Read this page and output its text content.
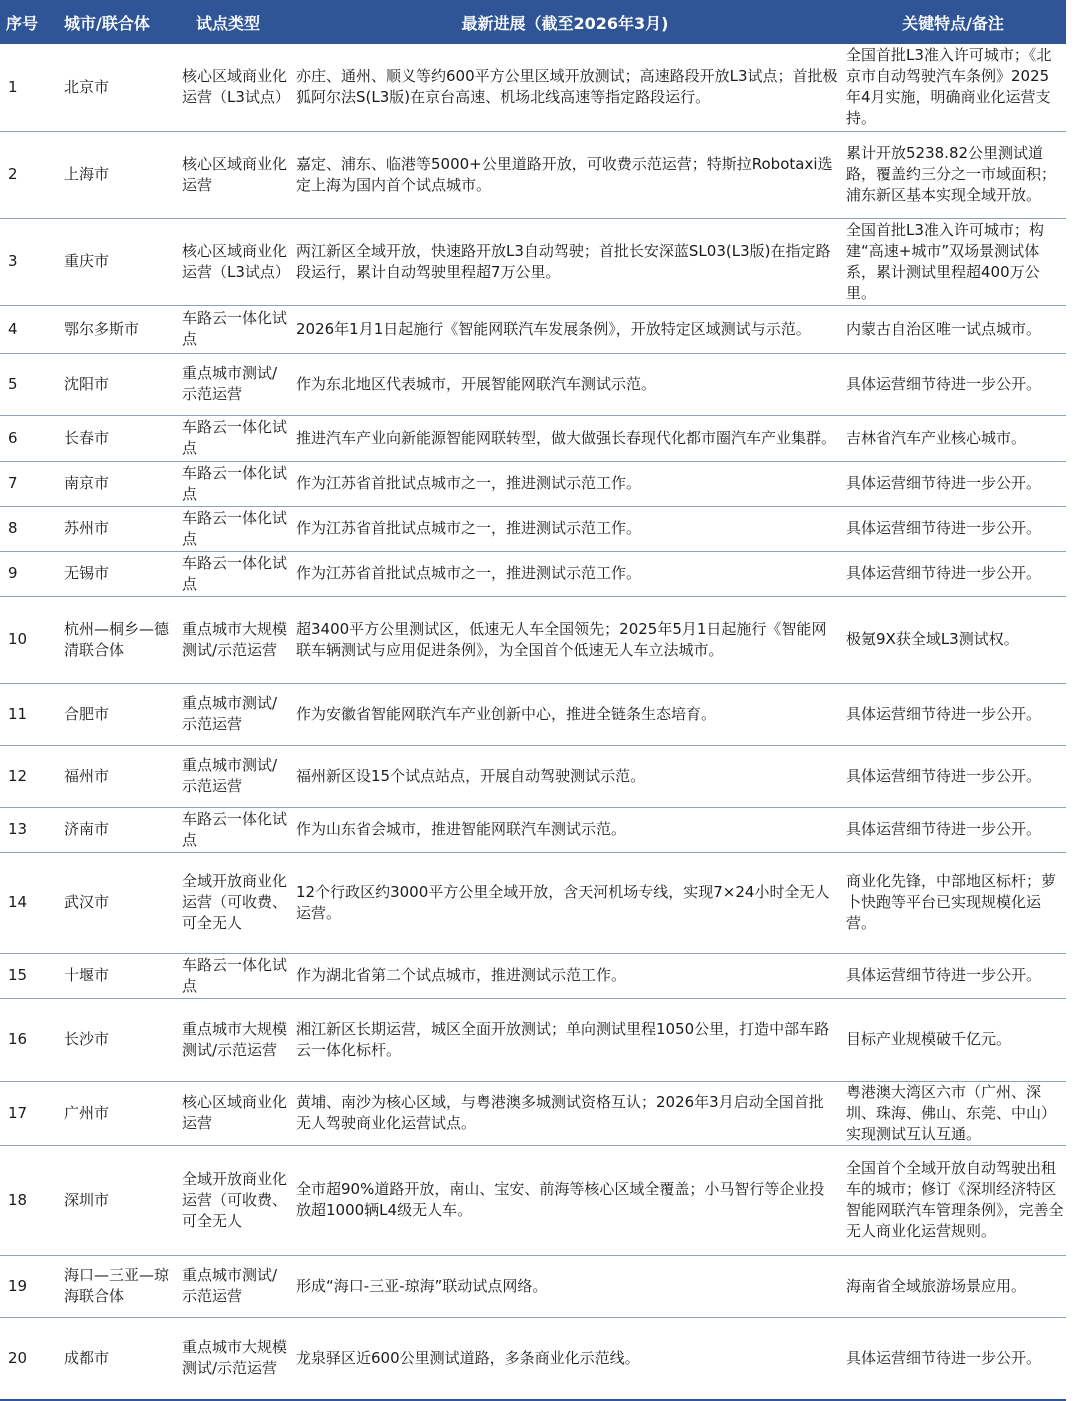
序号	城市/联合体	试点类型	最新进展（截至2026年3月)	关键特点/备注
1	北京市	核心区域商业化运营（L3试点）	亦庄、通州、顺义等约600平方公里区域开放测试；高速路段开放L3试点；首批极狐阿尔法S(L3版)在京台高速、机场北线高速等指定路段运行。	全国首批L3准入许可城市；《北京市自动驾驶汽车条例》2025年4月实施，明确商业化运营支持。
2	上海市	核心区域商业化运营	嘉定、浦东、临港等5000+公里道路开放，可收费示范运营；特斯拉Robotaxi选定上海为国内首个试点城市。	累计开放5238.82公里测试道路，覆盖约三分之一市域面积；浦东新区基本实现全域开放。
3	重庆市	核心区域商业化运营（L3试点）	两江新区全域开放，快速路开放L3自动驾驶；首批长安深蓝SL03(L3版)在指定路段运行，累计自动驾驶里程超7万公里。	全国首批L3准入许可城市；构建“高速+城市”双场景测试体系，累计测试里程超400万公里。
4	鄂尔多斯市	车路云一体化试点	2026年1月1日起施行《智能网联汽车发展条例》，开放特定区域测试与示范。	内蒙古自治区唯一试点城市。
5	沈阳市	重点城市测试/示范运营	作为东北地区代表城市，开展智能网联汽车测试示范。	具体运营细节待进一步公开。
6	长春市	车路云一体化试点	推进汽车产业向新能源智能网联转型，做大做强长春现代化都市圈汽车产业集群。	吉林省汽车产业核心城市。
7	南京市	车路云一体化试点	作为江苏省首批试点城市之一，推进测试示范工作。	具体运营细节待进一步公开。
8	苏州市	车路云一体化试点	作为江苏省首批试点城市之一，推进测试示范工作。	具体运营细节待进一步公开。
9	无锡市	车路云一体化试点	作为江苏省首批试点城市之一，推进测试示范工作。	具体运营细节待进一步公开。
10	杭州—桐乡—德清联合体	重点城市大规模测试/示范运营	超3400平方公里测试区，低速无人车全国领先；2025年5月1日起施行《智能网联车辆测试与应用促进条例》，为全国首个低速无人车立法城市。	极氪9X获全域L3测试权。
11	合肥市	重点城市测试/示范运营	作为安徽省智能网联汽车产业创新中心，推进全链条生态培育。	具体运营细节待进一步公开。
12	福州市	重点城市测试/示范运营	福州新区设15个试点站点，开展自动驾驶测试示范。	具体运营细节待进一步公开。
13	济南市	车路云一体化试点	作为山东省会城市，推进智能网联汽车测试示范。	具体运营细节待进一步公开。
14	武汉市	全域开放商业化运营（可收费、可全无人	12个行政区约3000平方公里全域开放，含天河机场专线，实现7×24小时全无人运营。	商业化先锋，中部地区标杆；萝卜快跑等平台已实现规模化运营。
15	十堰市	车路云一体化试点	作为湖北省第二个试点城市，推进测试示范工作。	具体运营细节待进一步公开。
16	长沙市	重点城市大规模测试/示范运营	湘江新区长期运营，城区全面开放测试；单向测试里程1050公里，打造中部车路云一体化标杆。	目标产业规模破千亿元。
17	广州市	核心区域商业化运营	黄埔、南沙为核心区域，与粤港澳多城测试资格互认；2026年3月启动全国首批无人驾驶商业化运营试点。	粤港澳大湾区六市（广州、深圳、珠海、佛山、东莞、中山）实现测试互认互通。
18	深圳市	全域开放商业化运营（可收费、可全无人	全市超90%道路开放，南山、宝安、前海等核心区域全覆盖；小马智行等企业投放超1000辆L4级无人车。	全国首个全域开放自动驾驶出租车的城市；修订《深圳经济特区智能网联汽车管理条例》，完善全无人商业化运营规则。
19	海口—三亚—琼海联合体	重点城市测试/示范运营	形成“海口-三亚-琼海”联动试点网络。	海南省全域旅游场景应用。
20	成都市	重点城市大规模测试/示范运营	龙泉驿区近600公里测试道路，多条商业化示范线。	具体运营细节待进一步公开。
